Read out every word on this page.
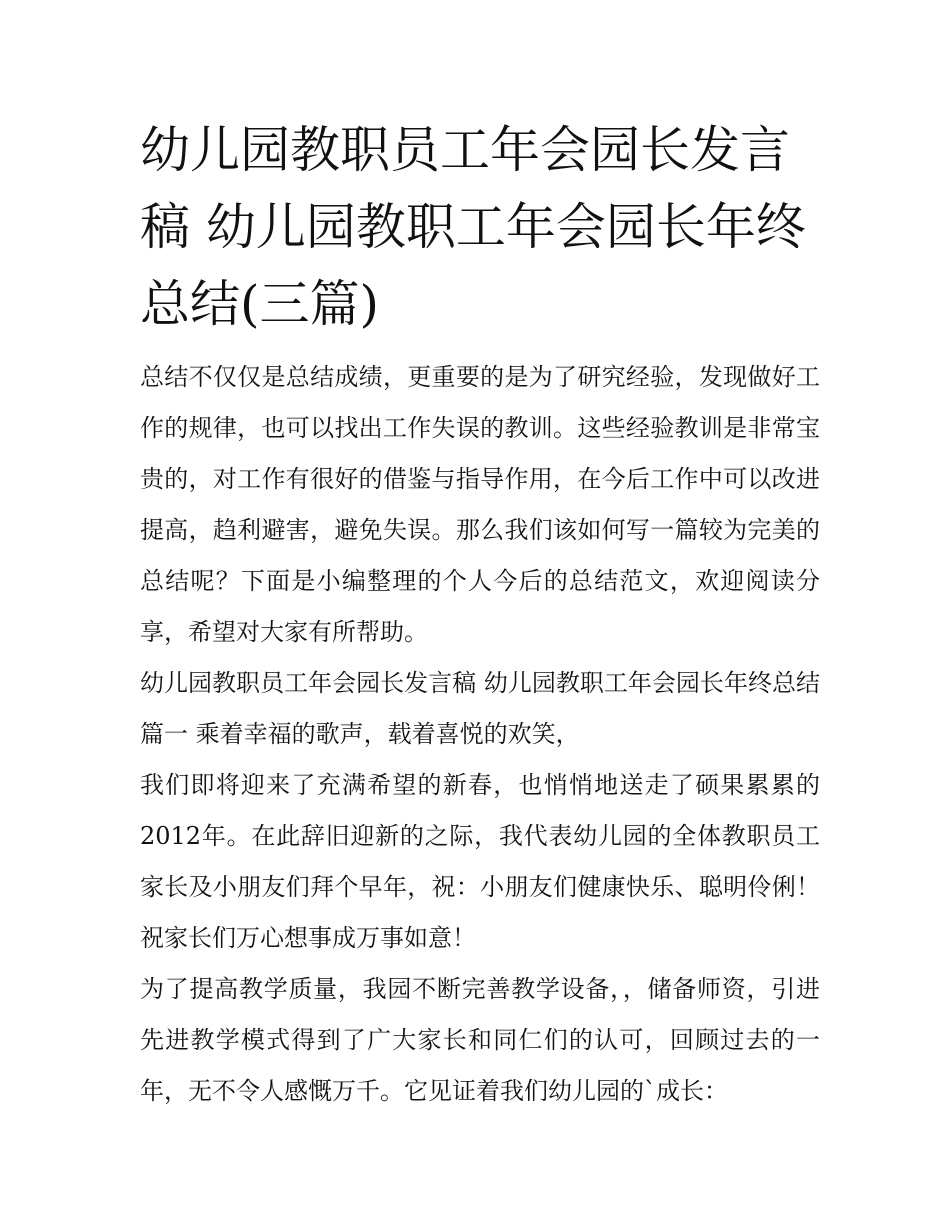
幼儿园教职员工年会园长发言稿 幼儿园教职工年会园长年终总结(三篇)

总结不仅仅是总结成绩，更重要的是为了研究经验，发现做好工作的规律，也可以找出工作失误的教训。这些经验教训是非常宝贵的，对工作有很好的借鉴与指导作用，在今后工作中可以改进提高，趋利避害，避免失误。那么我们该如何写一篇较为完美的总结呢？下面是小编整理的个人今后的总结范文，欢迎阅读分享，希望对大家有所帮助。

幼儿园教职员工年会园长发言稿 幼儿园教职工年会园长年终总结篇一 乘着幸福的歌声，载着喜悦的欢笑，

我们即将迎来了充满希望的新春，也悄悄地送走了硕果累累的2012年。在此辞旧迎新的之际，我代表幼儿园的全体教职员工家长及小朋友们拜个早年，祝：小朋友们健康快乐、聪明伶俐！祝家长们万心想事成万事如意！

为了提高教学质量，我园不断完善教学设备，，储备师资，引进先进教学模式得到了广大家长和同仁们的认可，回顾过去的一年，无不令人感慨万千。它见证着我们幼儿园的`成长：
